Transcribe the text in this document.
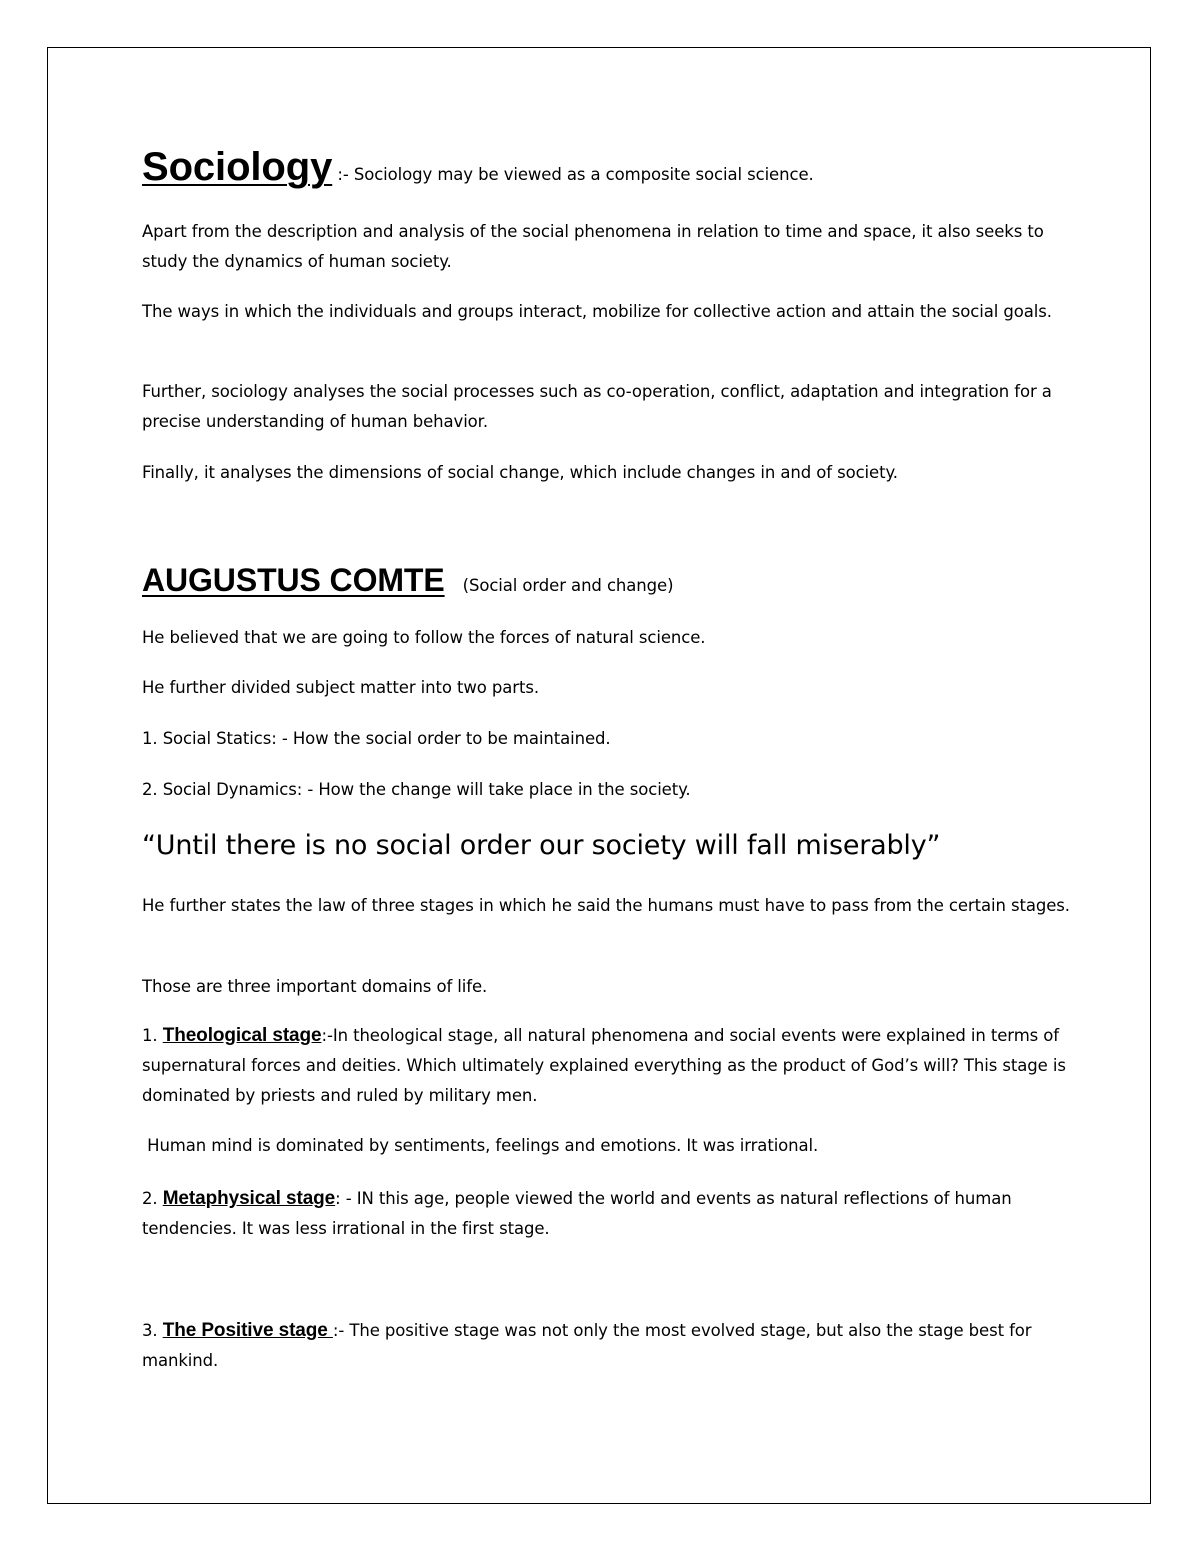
Sociology :- Sociology may be viewed as a composite social science.
Apart from the description and analysis of the social phenomena in relation to time and space, it also seeks to study the dynamics of human society.
The ways in which the individuals and groups interact, mobilize for collective action and attain the social goals.
Further, sociology analyses the social processes such as co-operation, conflict, adaptation and integration for a precise understanding of human behavior.
Finally, it analyses the dimensions of social change, which include changes in and of society.
AUGUSTUS COMTE (Social order and change)
He believed that we are going to follow the forces of natural science.
He further divided subject matter into two parts.
1. Social Statics: - How the social order to be maintained.
2. Social Dynamics: - How the change will take place in the society.
“Until there is no social order our society will fall miserably”
He further states the law of three stages in which he said the humans must have to pass from the certain stages.
Those are three important domains of life.
1. Theological stage:-In theological stage, all natural phenomena and social events were explained in terms of supernatural forces and deities. Which ultimately explained everything as the product of God’s will? This stage is dominated by priests and ruled by military men.
Human mind is dominated by sentiments, feelings and emotions. It was irrational.
2. Metaphysical stage: - IN this age, people viewed the world and events as natural reflections of human tendencies. It was less irrational in the first stage.
3. The Positive stage :- The positive stage was not only the most evolved stage, but also the stage best for mankind.
